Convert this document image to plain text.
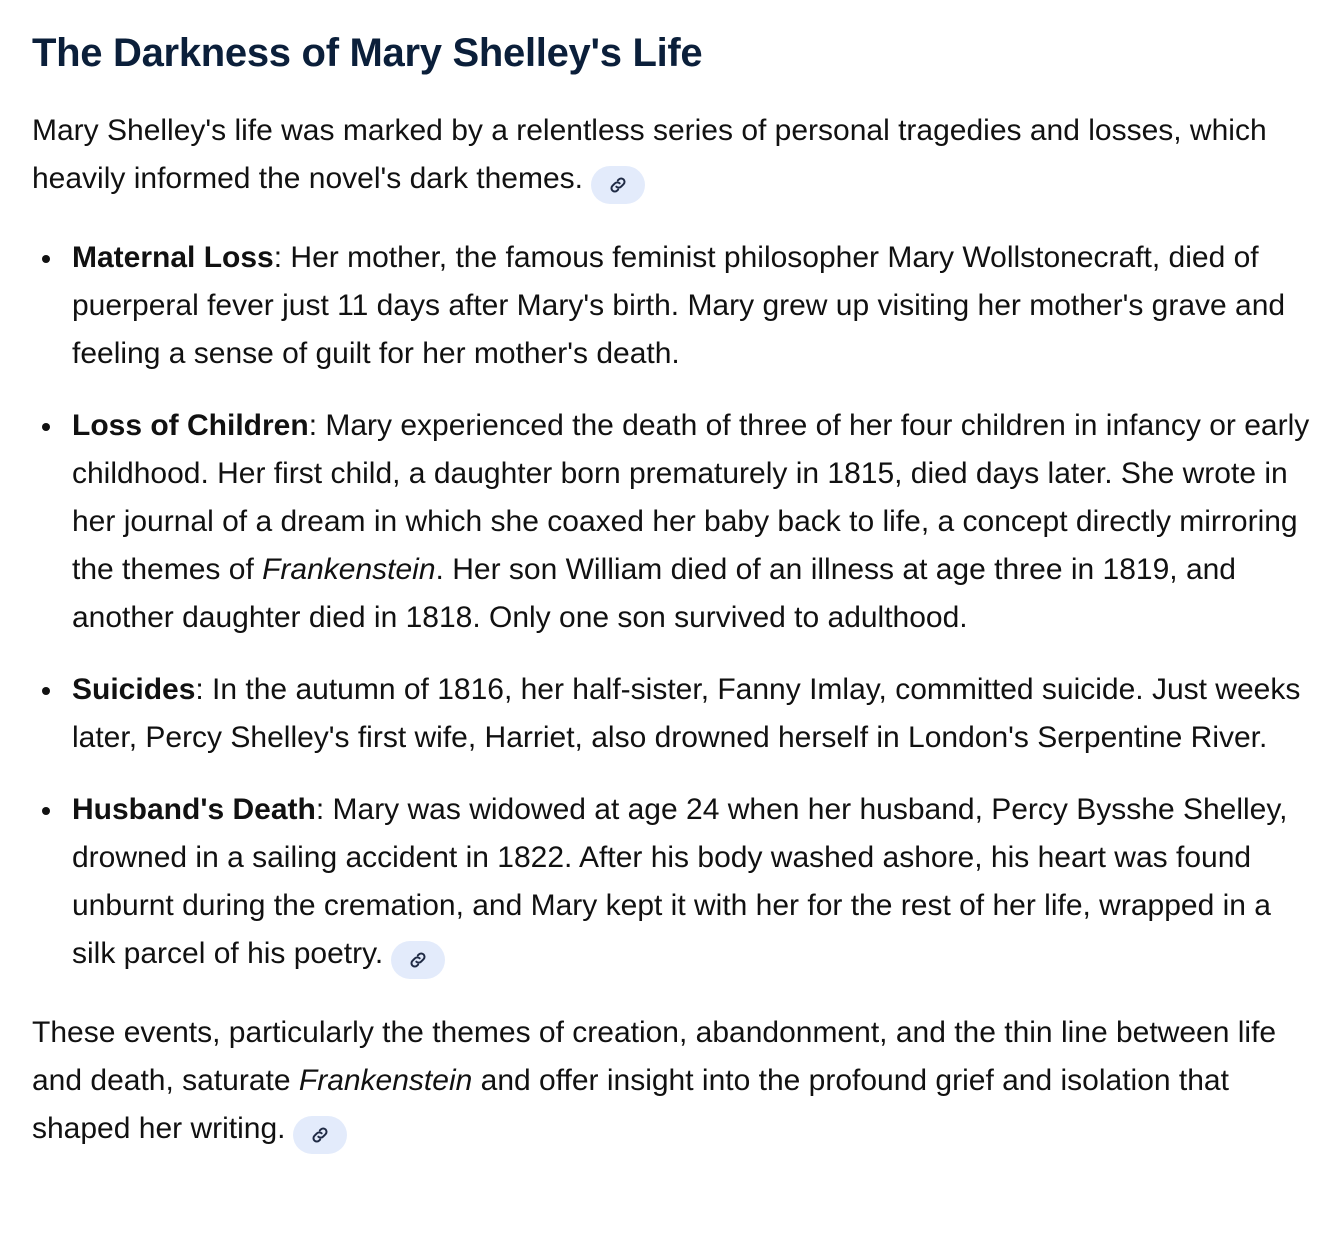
The Darkness of Mary Shelley's Life

Mary Shelley's life was marked by a relentless series of personal tragedies and losses, which heavily informed the novel's dark themes.

Maternal Loss: Her mother, the famous feminist philosopher Mary Wollstonecraft, died of puerperal fever just 11 days after Mary's birth. Mary grew up visiting her mother's grave and feeling a sense of guilt for her mother's death.
Loss of Children: Mary experienced the death of three of her four children in infancy or early childhood. Her first child, a daughter born prematurely in 1815, died days later. She wrote in her journal of a dream in which she coaxed her baby back to life, a concept directly mirroring the themes of Frankenstein. Her son William died of an illness at age three in 1819, and another daughter died in 1818. Only one son survived to adulthood.
Suicides: In the autumn of 1816, her half-sister, Fanny Imlay, committed suicide. Just weeks later, Percy Shelley's first wife, Harriet, also drowned herself in London's Serpentine River.
Husband's Death: Mary was widowed at age 24 when her husband, Percy Bysshe Shelley, drowned in a sailing accident in 1822. After his body washed ashore, his heart was found unburnt during the cremation, and Mary kept it with her for the rest of her life, wrapped in a silk parcel of his poetry.

These events, particularly the themes of creation, abandonment, and the thin line between life and death, saturate Frankenstein and offer insight into the profound grief and isolation that shaped her writing.
